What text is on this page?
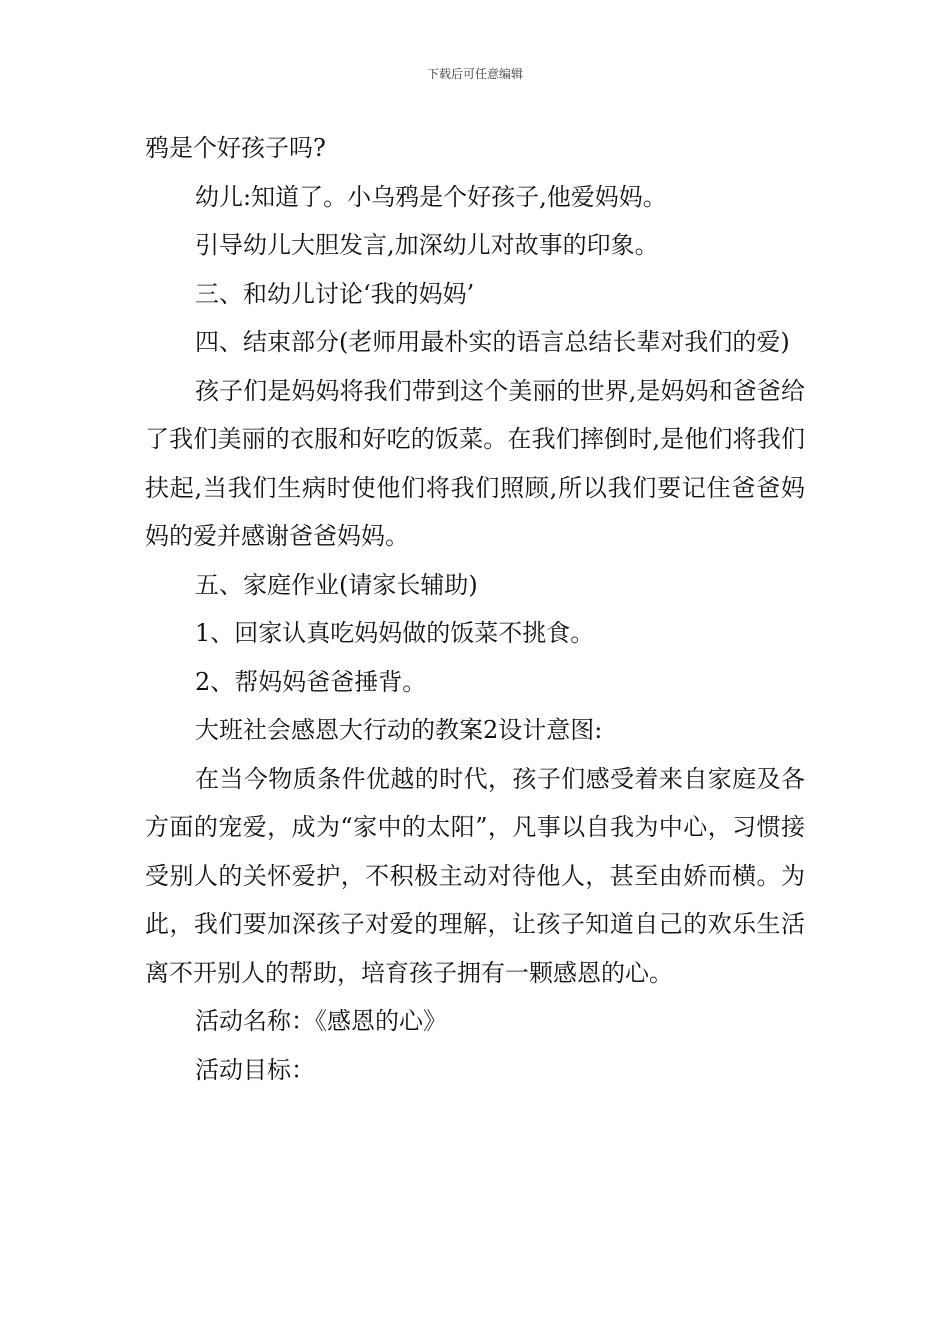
下载后可任意编辑

鸦是个好孩子吗?

幼儿:知道了。小乌鸦是个好孩子,他爱妈妈。

引导幼儿大胆发言,加深幼儿对故事的印象。

三、和幼儿讨论‘我的妈妈’

四、结束部分(老师用最朴实的语言总结长辈对我们的爱)

孩子们是妈妈将我们带到这个美丽的世界,是妈妈和爸爸给了我们美丽的衣服和好吃的饭菜。在我们摔倒时,是他们将我们扶起,当我们生病时使他们将我们照顾,所以我们要记住爸爸妈妈的爱并感谢爸爸妈妈。

五、家庭作业(请家长辅助)

1、回家认真吃妈妈做的饭菜不挑食。

2、帮妈妈爸爸捶背。

大班社会感恩大行动的教案2设计意图:

在当今物质条件优越的时代，孩子们感受着来自家庭及各方面的宠爱，成为“家中的太阳”，凡事以自我为中心，习惯接受别人的关怀爱护，不积极主动对待他人，甚至由娇而横。为此，我们要加深孩子对爱的理解，让孩子知道自己的欢乐生活离不开别人的帮助，培育孩子拥有一颗感恩的心。

活动名称：《感恩的心》

活动目标：
